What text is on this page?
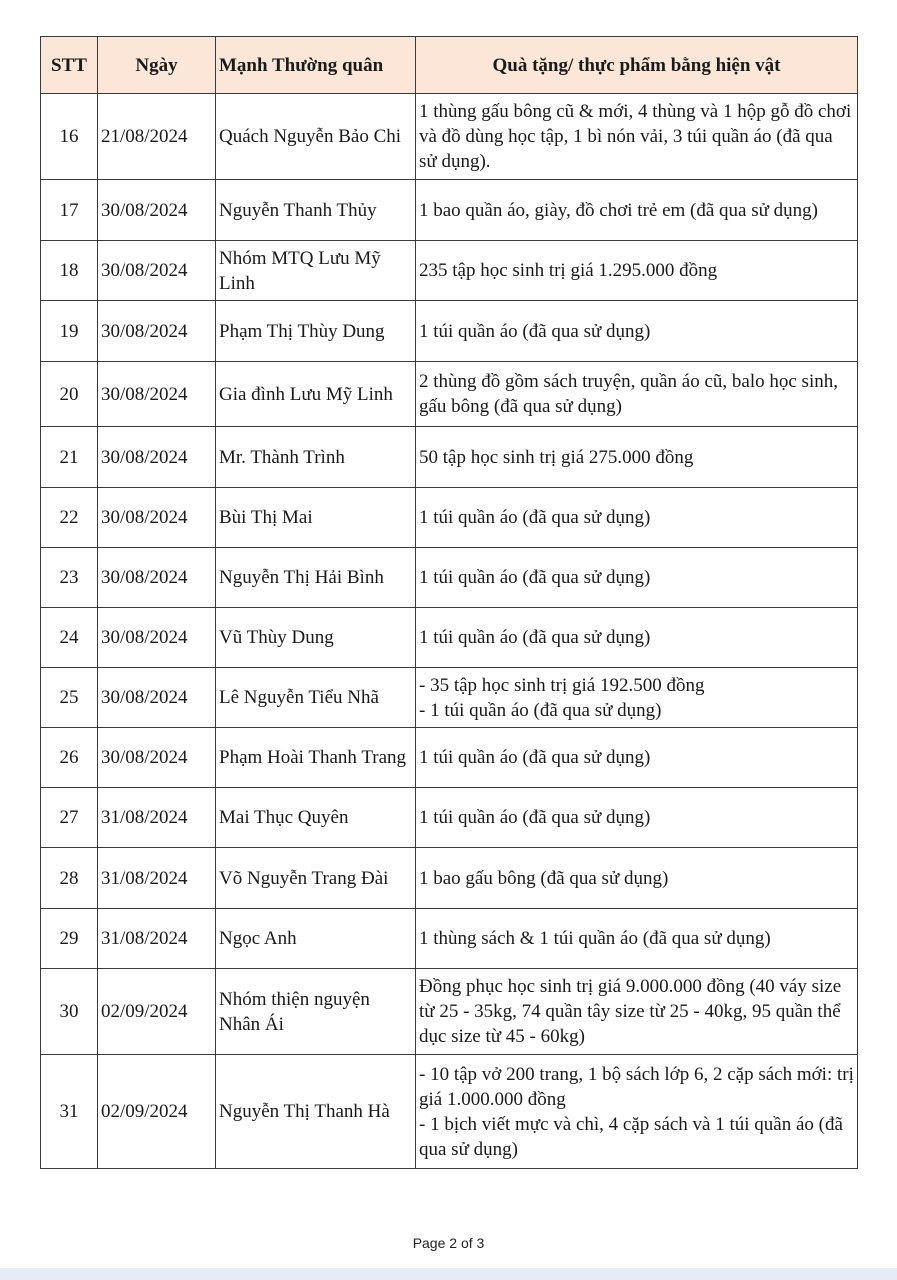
STT	Ngày	Mạnh Thường quân	Quà tặng/ thực phẩm bằng hiện vật
16	21/08/2024	Quách Nguyễn Bảo Chi	1 thùng gấu bông cũ & mới, 4 thùng và 1 hộp gỗ đồ chơi và đồ dùng học tập, 1 bì nón vải, 3 túi quần áo (đã qua sử dụng).
17	30/08/2024	Nguyễn Thanh Thủy	1 bao quần áo, giày, đồ chơi trẻ em (đã qua sử dụng)
18	30/08/2024	Nhóm MTQ Lưu Mỹ Linh	235 tập học sinh trị giá 1.295.000 đồng
19	30/08/2024	Phạm Thị Thùy Dung	1 túi quần áo (đã qua sử dụng)
20	30/08/2024	Gia đình Lưu Mỹ Linh	2 thùng đồ gồm sách truyện, quần áo cũ, balo học sinh, gấu bông (đã qua sử dụng)
21	30/08/2024	Mr. Thành Trình	50 tập học sinh trị giá 275.000 đồng
22	30/08/2024	Bùi Thị Mai	1 túi quần áo (đã qua sử dụng)
23	30/08/2024	Nguyễn Thị Hải Bình	1 túi quần áo (đã qua sử dụng)
24	30/08/2024	Vũ Thùy Dung	1 túi quần áo (đã qua sử dụng)
25	30/08/2024	Lê Nguyễn Tiểu Nhã	- 35 tập học sinh trị giá 192.500 đồng
- 1 túi quần áo (đã qua sử dụng)
26	30/08/2024	Phạm Hoài Thanh Trang	1 túi quần áo (đã qua sử dụng)
27	31/08/2024	Mai Thục Quyên	1 túi quần áo (đã qua sử dụng)
28	31/08/2024	Võ Nguyễn Trang Đài	1 bao gấu bông (đã qua sử dụng)
29	31/08/2024	Ngọc Anh	1 thùng sách & 1 túi quần áo (đã qua sử dụng)
30	02/09/2024	Nhóm thiện nguyện Nhân Ái	Đồng phục học sinh trị giá 9.000.000 đồng (40 váy size từ 25 - 35kg, 74 quần tây size từ 25 - 40kg, 95 quần thể dục size từ 45 - 60kg)
31	02/09/2024	Nguyễn Thị Thanh Hà	- 10 tập vở 200 trang, 1 bộ sách lớp 6, 2 cặp sách mới: trị giá 1.000.000 đồng
- 1 bịch viết mực và chì, 4 cặp sách và 1 túi quần áo (đã qua sử dụng)
Page 2 of 3
